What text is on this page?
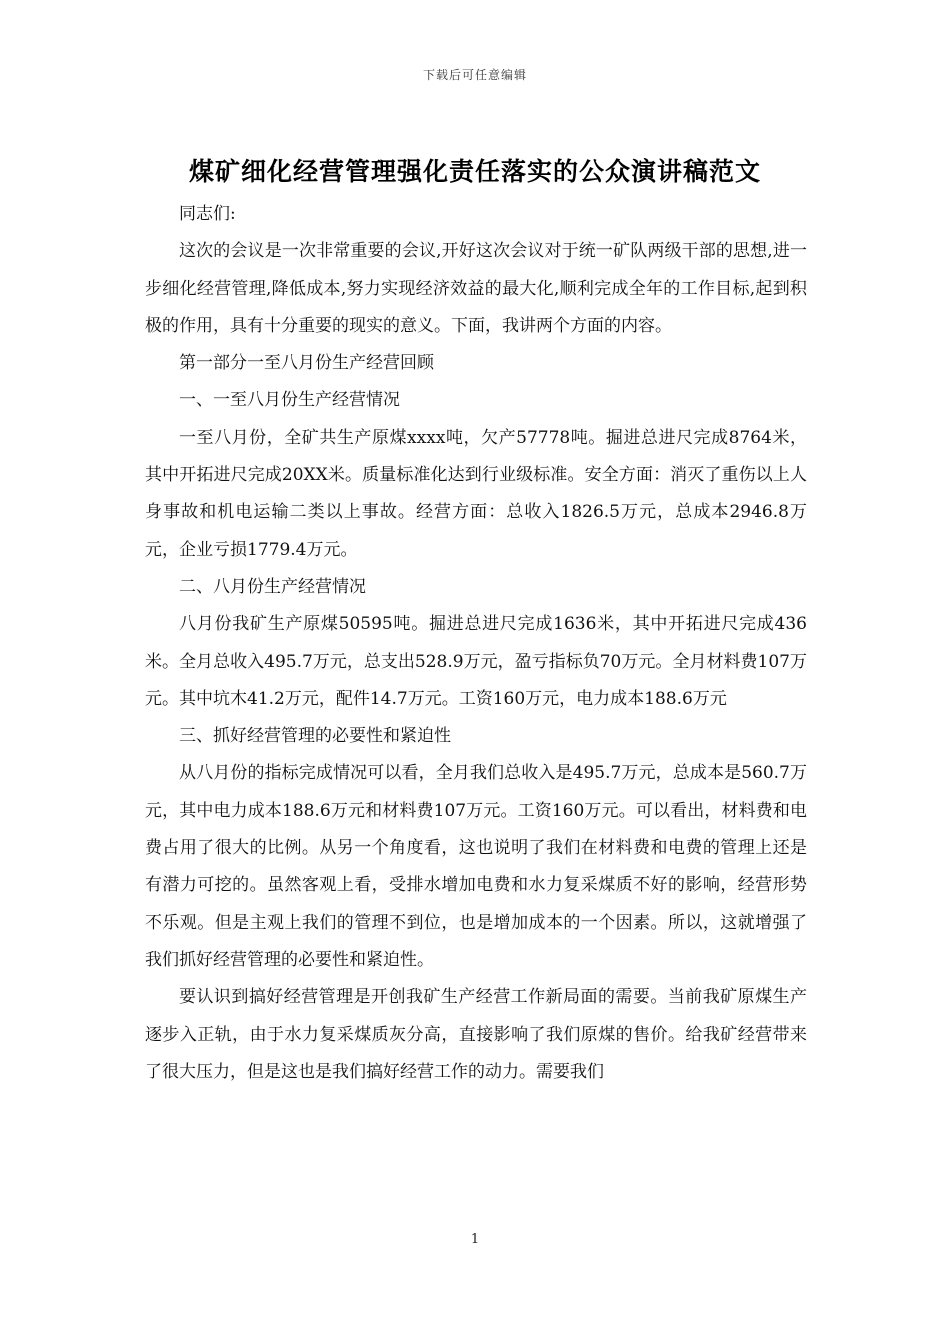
下载后可任意编辑
煤矿细化经营管理强化责任落实的公众演讲稿范文

同志们:

这次的会议是一次非常重要的会议,开好这次会议对于统一矿队两级干部的思想,进一步细化经营管理,降低成本,努力实现经济效益的最大化,顺利完成全年的工作目标,起到积极的作用，具有十分重要的现实的意义。下面，我讲两个方面的内容。

第一部分一至八月份生产经营回顾

一、一至八月份生产经营情况

一至八月份，全矿共生产原煤xxxx吨，欠产57778吨。掘进总进尺完成8764米，其中开拓进尺完成20XX米。质量标准化达到行业级标准。安全方面：消灭了重伤以上人身事故和机电运输二类以上事故。经营方面：总收入1826.5万元，总成本2946.8万元，企业亏损1779.4万元。

二、八月份生产经营情况

八月份我矿生产原煤50595吨。掘进总进尺完成1636米，其中开拓进尺完成436米。全月总收入495.7万元，总支出528.9万元，盈亏指标负70万元。全月材料费107万元。其中坑木41.2万元，配件14.7万元。工资160万元，电力成本188.6万元

三、抓好经营管理的必要性和紧迫性

从八月份的指标完成情况可以看，全月我们总收入是495.7万元，总成本是560.7万元，其中电力成本188.6万元和材料费107万元。工资160万元。可以看出，材料费和电费占用了很大的比例。从另一个角度看，这也说明了我们在材料费和电费的管理上还是有潜力可挖的。虽然客观上看，受排水增加电费和水力复采煤质不好的影响，经营形势不乐观。但是主观上我们的管理不到位，也是增加成本的一个因素。所以，这就增强了我们抓好经营管理的必要性和紧迫性。

要认识到搞好经营管理是开创我矿生产经营工作新局面的需要。当前我矿原煤生产逐步入正轨，由于水力复采煤质灰分高，直接影响了我们原煤的售价。给我矿经营带来了很大压力，但是这也是我们搞好经营工作的动力。需要我们

1
